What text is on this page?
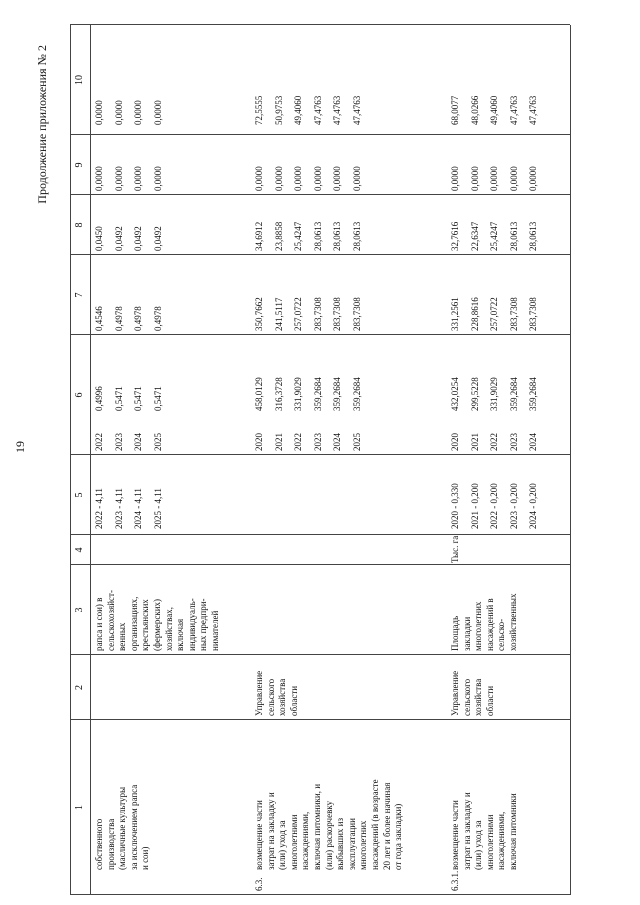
19
Продолжение приложения № 2
1
2
3
4
5
6
7
8
9
10
собственного
производства
(масличные культуры
за исключением рапса
и сои)
рапса и сои) в
сельскохозяйст-
венных
организациях,
крестьянских
(фермерских)
хозяйствах,
включая
индивидуаль-
ных предпри-
нимателей
2022 - 4,11
2022
0,4996
0,4546
0,0450
0,0000
0,0000
2023 - 4,11
2023
0,5471
0,4978
0,0492
0,0000
0,0000
2024 - 4,11
2024
0,5471
0,4978
0,0492
0,0000
0,0000
2025 - 4,11
2025
0,5471
0,4978
0,0492
0,0000
0,0000
6.3.
возмещение части
затрат на закладку и
(или) уход за
многолетними
насаждениями,
включая питомники, и
(или) раскорчевку
выбывших из
эксплуатации
многолетних
насаждений (в возрасте
20 лет и более начиная
от года закладки)
Управление
сельского
хозяйства
области
2020
458,0129
350,7662
34,6912
0,0000
72,5555
2021
316,3728
241,5117
23,8858
0,0000
50,9753
2022
331,9029
257,0722
25,4247
0,0000
49,4060
2023
359,2684
283,7308
28,0613
0,0000
47,4763
2024
359,2684
283,7308
28,0613
0,0000
47,4763
2025
359,2684
283,7308
28,0613
0,0000
47,4763
6.3.1.
возмещение части
затрат на закладку и
(или) уход за
многолетними
насаждениями,
включая питомники
Управление
сельского
хозяйства
области
Площадь
закладки
многолетних
насаждений в
сельско-
хозяйственных
Тыс. га
2020 - 0,330
2020
432,0254
331,2561
32,7616
0,0000
68,0077
2021 - 0,200
2021
299,5228
228,8616
22,6347
0,0000
48,0266
2022 - 0,200
2022
331,9029
257,0722
25,4247
0,0000
49,4060
2023 - 0,200
2023
359,2684
283,7308
28,0613
0,0000
47,4763
2024 - 0,200
2024
359,2684
283,7308
28,0613
0,0000
47,4763
